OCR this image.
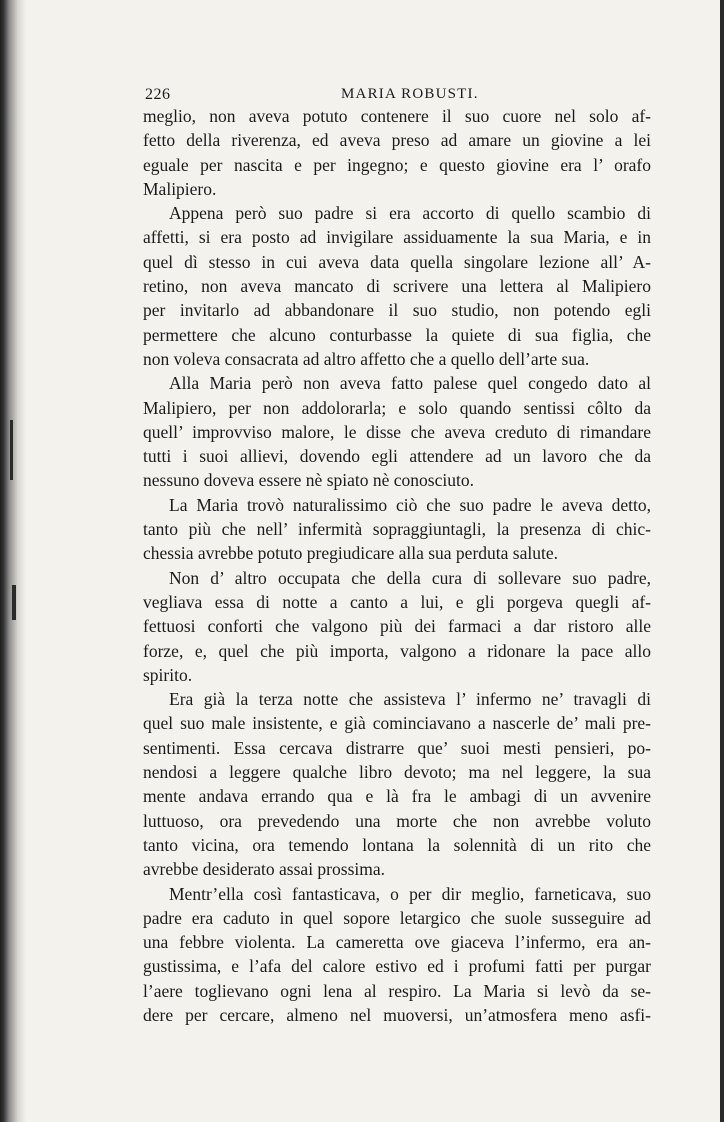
226	MARIA ROBUSTI.
meglio, non aveva potuto contenere il suo cuore nel solo af-
fetto della riverenza, ed aveva preso ad amare un giovine a lei
eguale per nascita e per ingegno; e questo giovine era l’ orafo
Malipiero.
Appena però suo padre si era accorto di quello scambio di
affetti, si era posto ad invigilare assiduamente la sua Maria, e in
quel dì stesso in cui aveva data quella singolare lezione all’ A-
retino, non aveva mancato di scrivere una lettera al Malipiero
per invitarlo ad abbandonare il suo studio, non potendo egli
permettere che alcuno conturbasse la quiete di sua figlia, che
non voleva consacrata ad altro affetto che a quello dell’arte sua.
Alla Maria però non aveva fatto palese quel congedo dato al
Malipiero, per non addolorarla; e solo quando sentissi côlto da
quell’ improvviso malore, le disse che aveva creduto di rimandare
tutti i suoi allievi, dovendo egli attendere ad un lavoro che da
nessuno doveva essere nè spiato nè conosciuto.
La Maria trovò naturalissimo ciò che suo padre le aveva detto,
tanto più che nell’ infermità sopraggiuntagli, la presenza di chic-
chessia avrebbe potuto pregiudicare alla sua perduta salute.
Non d’ altro occupata che della cura di sollevare suo padre,
vegliava essa di notte a canto a lui, e gli porgeva quegli af-
fettuosi conforti che valgono più dei farmaci a dar ristoro alle
forze, e, quel che più importa, valgono a ridonare la pace allo
spirito.
Era già la terza notte che assisteva l’ infermo ne’ travagli di
quel suo male insistente, e già cominciavano a nascerle de’ mali pre-
sentimenti. Essa cercava distrarre que’ suoi mesti pensieri, po-
nendosi a leggere qualche libro devoto; ma nel leggere, la sua
mente andava errando qua e là fra le ambagi di un avvenire
luttuoso, ora prevedendo una morte che non avrebbe voluto
tanto vicina, ora temendo lontana la solennità di un rito che
avrebbe desiderato assai prossima.
Mentr’ella così fantasticava, o per dir meglio, farneticava, suo
padre era caduto in quel sopore letargico che suole susseguire ad
una febbre violenta. La cameretta ove giaceva l’infermo, era an-
gustissima, e l’afa del calore estivo ed i profumi fatti per purgar
l’aere toglievano ogni lena al respiro. La Maria si levò da se-
dere per cercare, almeno nel muoversi, un’atmosfera meno asfi-
